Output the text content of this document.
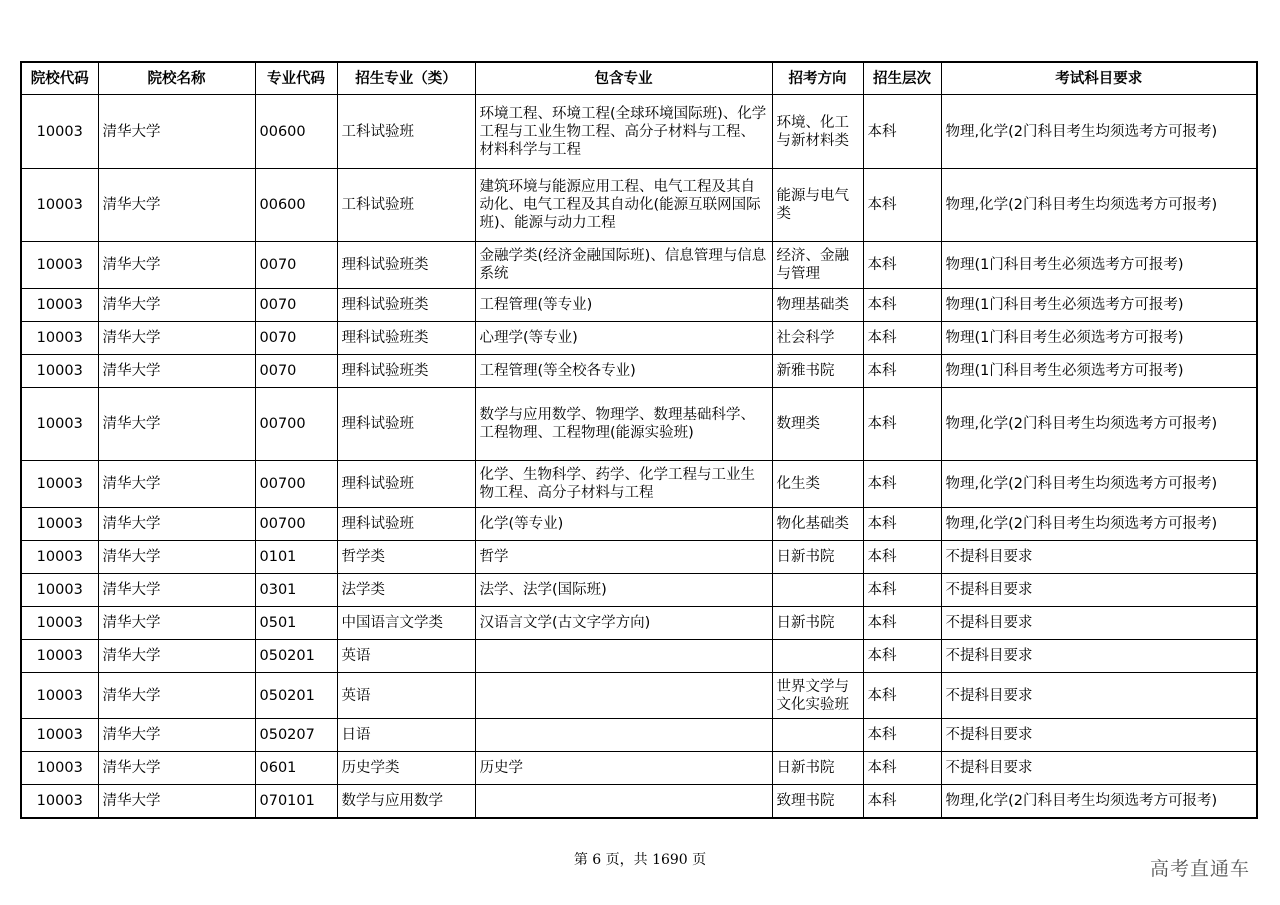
院校代码	院校名称	专业代码	招生专业（类）	包含专业	招考方向	招生层次	考试科目要求
10003	清华大学	00600	工科试验班	环境工程、环境工程(全球环境国际班)、化学工程与工业生物工程、高分子材料与工程、材料科学与工程	环境、化工与新材料类	本科	物理,化学(2门科目考生均须选考方可报考)
10003	清华大学	00600	工科试验班	建筑环境与能源应用工程、电气工程及其自动化、电气工程及其自动化(能源互联网国际班)、能源与动力工程	能源与电气类	本科	物理,化学(2门科目考生均须选考方可报考)
10003	清华大学	0070	理科试验班类	金融学类(经济金融国际班)、信息管理与信息系统	经济、金融与管理	本科	物理(1门科目考生必须选考方可报考)
10003	清华大学	0070	理科试验班类	工程管理(等专业)	物理基础类	本科	物理(1门科目考生必须选考方可报考)
10003	清华大学	0070	理科试验班类	心理学(等专业)	社会科学	本科	物理(1门科目考生必须选考方可报考)
10003	清华大学	0070	理科试验班类	工程管理(等全校各专业)	新雅书院	本科	物理(1门科目考生必须选考方可报考)
10003	清华大学	00700	理科试验班	数学与应用数学、物理学、数理基础科学、工程物理、工程物理(能源实验班)	数理类	本科	物理,化学(2门科目考生均须选考方可报考)
10003	清华大学	00700	理科试验班	化学、生物科学、药学、化学工程与工业生物工程、高分子材料与工程	化生类	本科	物理,化学(2门科目考生均须选考方可报考)
10003	清华大学	00700	理科试验班	化学(等专业)	物化基础类	本科	物理,化学(2门科目考生均须选考方可报考)
10003	清华大学	0101	哲学类	哲学	日新书院	本科	不提科目要求
10003	清华大学	0301	法学类	法学、法学(国际班)		本科	不提科目要求
10003	清华大学	0501	中国语言文学类	汉语言文学(古文字学方向)	日新书院	本科	不提科目要求
10003	清华大学	050201	英语			本科	不提科目要求
10003	清华大学	050201	英语		世界文学与文化实验班	本科	不提科目要求
10003	清华大学	050207	日语			本科	不提科目要求
10003	清华大学	0601	历史学类	历史学	日新书院	本科	不提科目要求
10003	清华大学	070101	数学与应用数学		致理书院	本科	物理,化学(2门科目考生均须选考方可报考)
第 6 页，共 1690 页	高考直通车
